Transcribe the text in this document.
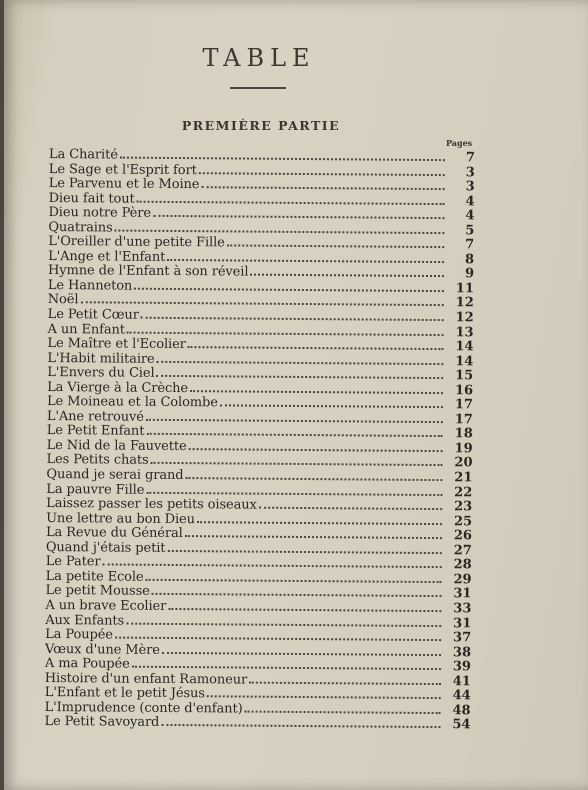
TABLE
PREMIÈRE PARTIE
Pages
La Charité	7
Le Sage et l'Esprit fort	3
Le Parvenu et le Moine	3
Dieu fait tout	4
Dieu notre Père	4
Quatrains	5
L'Oreiller d'une petite Fille	7
L'Ange et l'Enfant	8
Hymne de l'Enfant à son réveil	9
Le Hanneton	11
Noël	12
Le Petit Cœur	12
A un Enfant	13
Le Maître et l'Ecolier	14
L'Habit militaire	14
L'Envers du Ciel	15
La Vierge à la Crèche	16
Le Moineau et la Colombe	17
L'Ane retrouvé	17
Le Petit Enfant	18
Le Nid de la Fauvette	19
Les Petits chats	20
Quand je serai grand	21
La pauvre Fille	22
Laissez passer les petits oiseaux	23
Une lettre au bon Dieu	25
La Revue du Général	26
Quand j'étais petit	27
Le Pater	28
La petite Ecole	29
Le petit Mousse	31
A un brave Ecolier	33
Aux Enfants	31
La Poupée	37
Vœux d'une Mère	38
A ma Poupée	39
Histoire d'un enfant Ramoneur	41
L'Enfant et le petit Jésus	44
L'Imprudence (conte d'enfant)	48
Le Petit Savoyard	54
